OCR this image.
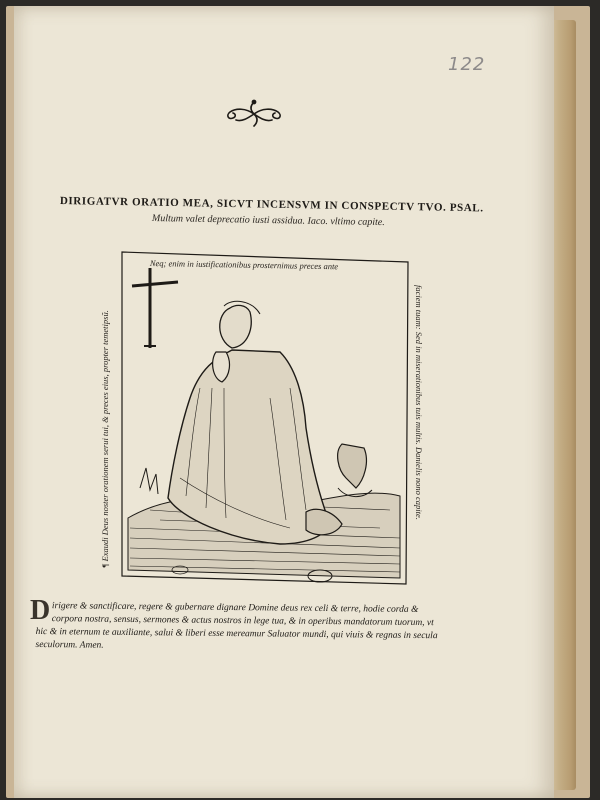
122
DIRIGATVR ORATIO MEA, SICVT INCENSVM IN CONSPECTV TVO. PSAL.
Multum valet deprecatio iusti assidua. Iaco. vltimo capite.
Neq; enim in iustificationibus prosternimus preces ante
¶ Exaudi Deus noster orationem serui tui, & preces eius, propter temetipsũ.	faciem tuam: Sed in miserationibus tuis multis. Danielis nono capite.
D irigere & sanctificare, regere & gubernare dignare Domine deus rex celi & terre, hodie corda &
corpora nostra, sensus, sermones & actus nostros in lege tua, & in operibus mandatorum tuorum, vt
hic & in eternum te auxiliante, salui & liberi esse mereamur Saluator mundi, qui viuis & regnas in secula
seculorum. Amen.
